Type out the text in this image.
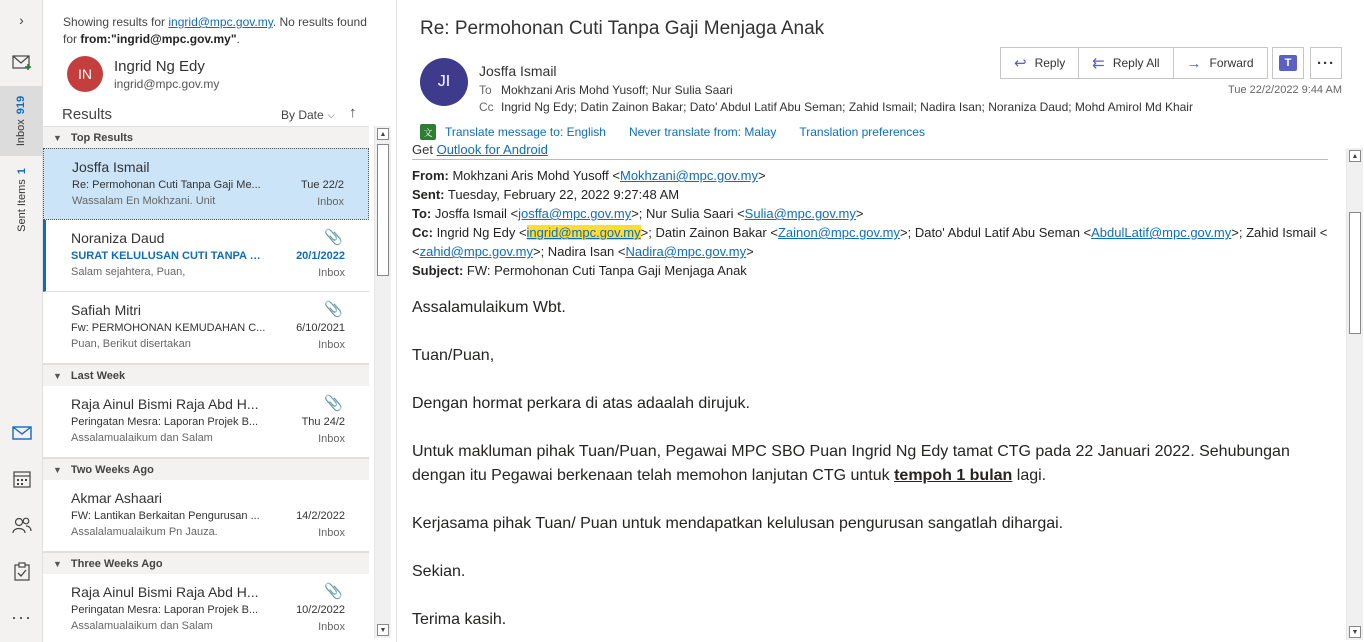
›
Inbox919
Sent Items1
···
Showing results for ingrid@mpc.gov.my. No results found for from:"ingrid@mpc.gov.my".
IN	Ingrid Ng Edy
ingrid@mpc.gov.my
Results	By Date ⌵ ↑
▼ Top Results
Josffa Ismail
Re: Permohonan Cuti Tanpa Gaji Me...
Wassalam En Mokhzani. Unit
Tue 22/2
Inbox
Noraniza Daud	📎
SURAT KELULUSAN CUTI TANPA G...
Salam sejahtera, Puan,
20/1/2022
Inbox
Safiah Mitri	📎
Fw: PERMOHONAN KEMUDAHAN C...
Puan, Berikut disertakan
6/10/2021
Inbox
▼ Last Week
Raja Ainul Bismi Raja Abd H...	📎
Peringatan Mesra: Laporan Projek B...
Assalamualaikum dan Salam
Thu 24/2
Inbox
▼ Two Weeks Ago
Akmar Ashaari
FW: Lantikan Berkaitan Pengurusan ...
Assalalamualaikum Pn Jauza.
14/2/2022
Inbox
▼ Three Weeks Ago
Raja Ainul Bismi Raja Abd H...	📎
Peringatan Mesra: Laporan Projek B...
Assalamualaikum dan Salam
10/2/2022
Inbox
▲
▼
Re: Permohonan Cuti Tanpa Gaji Menjaga Anak
JI
Josffa Ismail
To Mokhzani Aris Mohd Yusoff; Nur Sulia Saari
Cc Ingrid Ng Edy; Datin Zainon Bakar; Dato' Abdul Latif Abu Seman; Zahid Ismail; Nadira Isan; Noraniza Daud; Mohd Amirol Md Khair
Tue 22/2/2022 9:44 AM
↩ Reply ⇇ Reply All → Forward	T	···
文 Translate message to: English Never translate from: Malay Translation preferences
Get Outlook for Android
From: Mokhzani Aris Mohd Yusoff <Mokhzani@mpc.gov.my>
Sent: Tuesday, February 22, 2022 9:27:48 AM
To: Josffa Ismail <josffa@mpc.gov.my>; Nur Sulia Saari <Sulia@mpc.gov.my>
Cc: Ingrid Ng Edy <ingrid@mpc.gov.my>; Datin Zainon Bakar <Zainon@mpc.gov.my>; Dato' Abdul Latif Abu Seman <AbdulLatif@mpc.gov.my>; Zahid Ismail <
<zahid@mpc.gov.my>; Nadira Isan <Nadira@mpc.gov.my>
Subject: FW: Permohonan Cuti Tanpa Gaji Menjaga Anak
Assalamulaikum Wbt.
Tuan/Puan,
Dengan hormat perkara di atas adaalah dirujuk.
Untuk makluman pihak Tuan/Puan, Pegawai MPC SBO Puan Ingrid Ng Edy tamat CTG pada 22 Januari 2022. Sehubungan dengan itu Pegawai berkenaan telah memohon lanjutan CTG untuk tempoh 1 bulan lagi.
Kerjasama pihak Tuan/ Puan untuk mendapatkan kelulusan pengurusan sangatlah dihargai.
Sekian.
Terima kasih.
▲
▼
